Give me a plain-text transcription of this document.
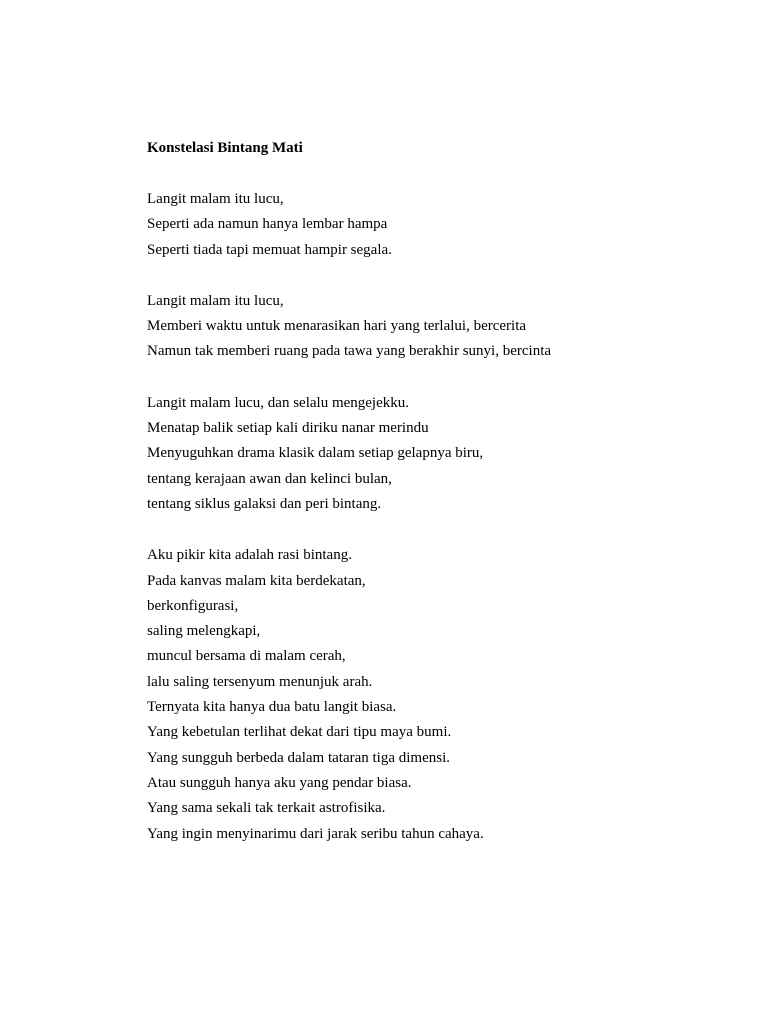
Konstelasi Bintang Mati
Langit malam itu lucu,
Seperti ada namun hanya lembar hampa
Seperti tiada tapi memuat hampir segala.
Langit malam itu lucu,
Memberi waktu untuk menarasikan hari yang terlalui, bercerita
Namun tak memberi ruang pada tawa yang berakhir sunyi, bercinta
Langit malam lucu, dan selalu mengejekku.
Menatap balik setiap kali diriku nanar merindu
Menyuguhkan drama klasik dalam setiap gelapnya biru,
tentang kerajaan awan dan kelinci bulan,
tentang siklus galaksi dan peri bintang.
Aku pikir kita adalah rasi bintang.
Pada kanvas malam kita berdekatan,
berkonfigurasi,
saling melengkapi,
muncul bersama di malam cerah,
lalu saling tersenyum menunjuk arah.
Ternyata kita hanya dua batu langit biasa.
Yang kebetulan terlihat dekat dari tipu maya bumi.
Yang sungguh berbeda dalam tataran tiga dimensi.
Atau sungguh hanya aku yang pendar biasa.
Yang sama sekali tak terkait astrofisika.
Yang ingin menyinarimu dari jarak seribu tahun cahaya.
